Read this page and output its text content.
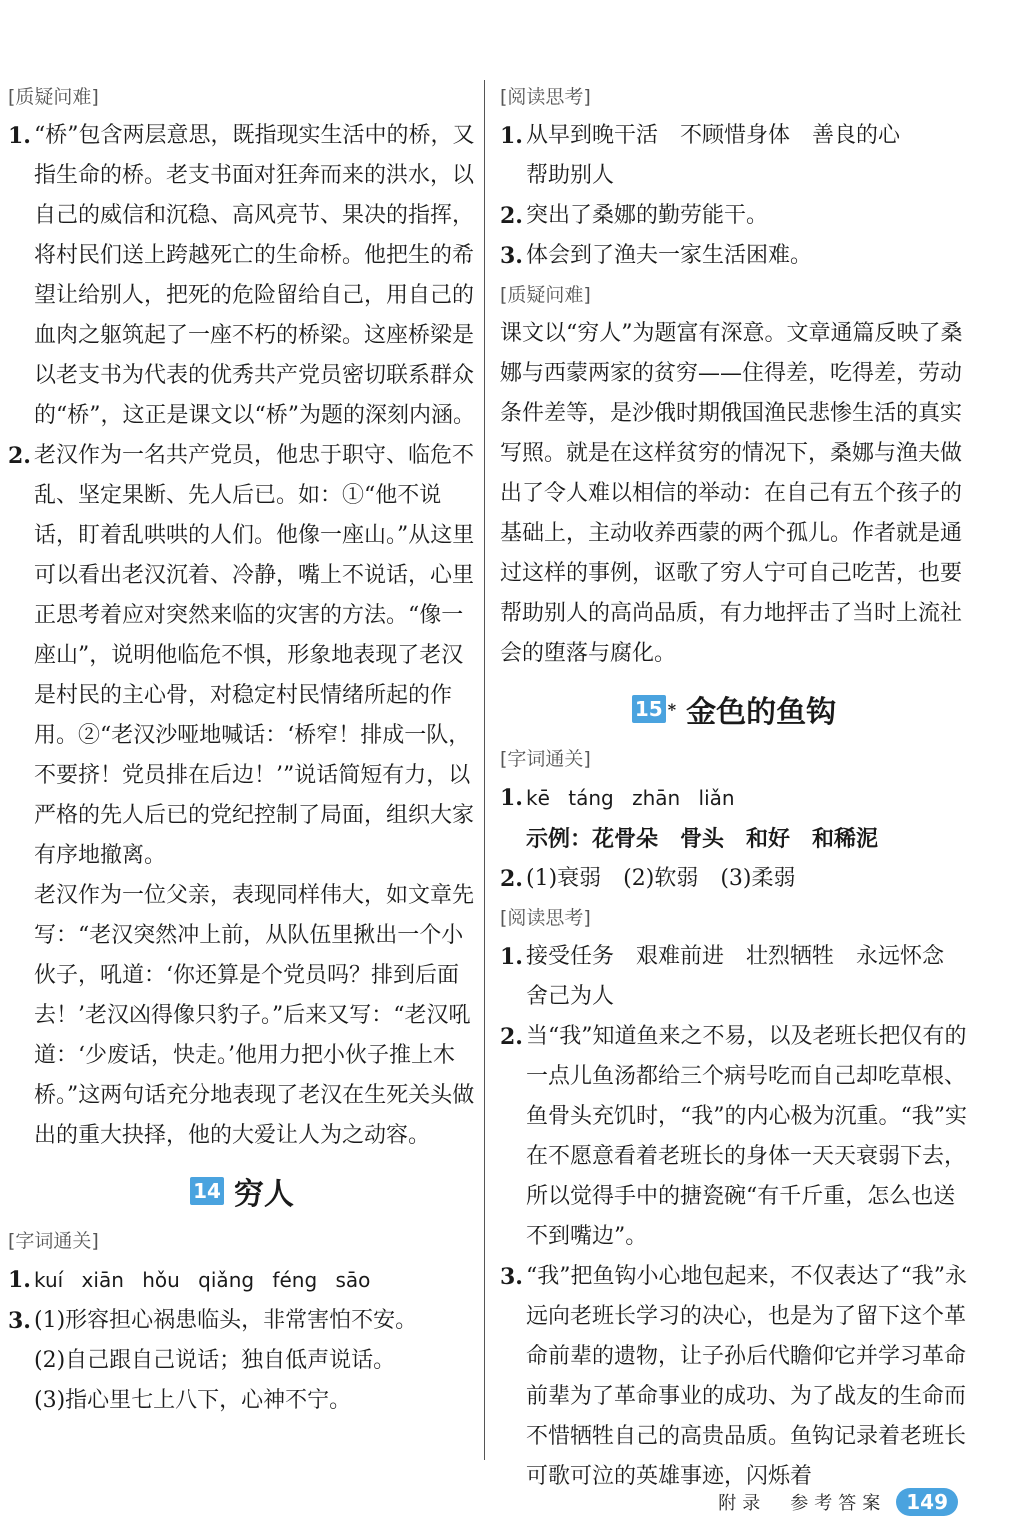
[质疑问难]

1. “桥”包含两层意思，既指现实生活中的桥，又指生命的桥。老支书面对狂奔而来的洪水，以自己的威信和沉稳、高风亮节、果决的指挥，将村民们送上跨越死亡的生命桥。他把生的希望让给别人，把死的危险留给自己，用自己的血肉之躯筑起了一座不朽的桥梁。这座桥梁是以老支书为代表的优秀共产党员密切联系群众的“桥”，这正是课文以“桥”为题的深刻内涵。

2. 老汉作为一名共产党员，他忠于职守、临危不乱、坚定果断、先人后已。如：①“他不说话，盯着乱哄哄的人们。他像一座山。”从这里可以看出老汉沉着、冷静，嘴上不说话，心里正思考着应对突然来临的灾害的方法。“像一座山”，说明他临危不惧，形象地表现了老汉是村民的主心骨，对稳定村民情绪所起的作用。②“老汉沙哑地喊话：‘桥窄！排成一队，不要挤！党员排在后边！’”说话简短有力，以严格的先人后已的党纪控制了局面，组织大家有序地撤离。

老汉作为一位父亲，表现同样伟大，如文章先写：“老汉突然冲上前，从队伍里揪出一个小伙子，吼道：‘你还算是个党员吗？排到后面去！’老汉凶得像只豹子。”后来又写：“老汉吼道：‘少废话，快走。’他用力把小伙子推上木桥。”这两句话充分地表现了老汉在生死关头做出的重大抉择，他的大爱让人为之动容。

14 穷人
[字词通关]

1. kuí xiān hǒu qiǎng féng sāo

3. (1)形容担心祸患临头，非常害怕不安。

(2)自己跟自己说话；独自低声说话。

(3)指心里七上八下，心神不宁。

[阅读思考]

1. 从早到晚干活　不顾惜身体　善良的心

帮助别人

2. 突出了桑娜的勤劳能干。

3. 体会到了渔夫一家生活困难。

[质疑问难]

课文以“穷人”为题富有深意。文章通篇反映了桑娜与西蒙两家的贫穷——住得差，吃得差，劳动条件差等，是沙俄时期俄国渔民悲惨生活的真实写照。就是在这样贫穷的情况下，桑娜与渔夫做出了令人难以相信的举动：在自己有五个孩子的基础上，主动收养西蒙的两个孤儿。作者就是通过这样的事例，讴歌了穷人宁可自己吃苦，也要帮助别人的高尚品质，有力地抨击了当时上流社会的堕落与腐化。

15 * 金色的鱼钩
[字词通关]

1. kē táng zhān liǎn

示例：花骨朵　骨头　和好　和稀泥

2. (1)衰弱　(2)软弱　(3)柔弱

[阅读思考]

1. 接受任务　艰难前进　壮烈牺牲　永远怀念　舍己为人

2. 当“我”知道鱼来之不易，以及老班长把仅有的一点儿鱼汤都给三个病号吃而自己却吃草根、鱼骨头充饥时，“我”的内心极为沉重。“我”实在不愿意看着老班长的身体一天天衰弱下去，所以觉得手中的搪瓷碗“有千斤重，怎么也送不到嘴边”。

3. “我”把鱼钩小心地包起来，不仅表达了“我”永远向老班长学习的决心，也是为了留下这个革命前辈的遗物，让子孙后代瞻仰它并学习革命前辈为了革命事业的成功、为了战友的生命而不惜牺牲自己的高贵品质。鱼钩记录着老班长可歌可泣的英雄事迹，闪烁着

附录　参考答案	149
